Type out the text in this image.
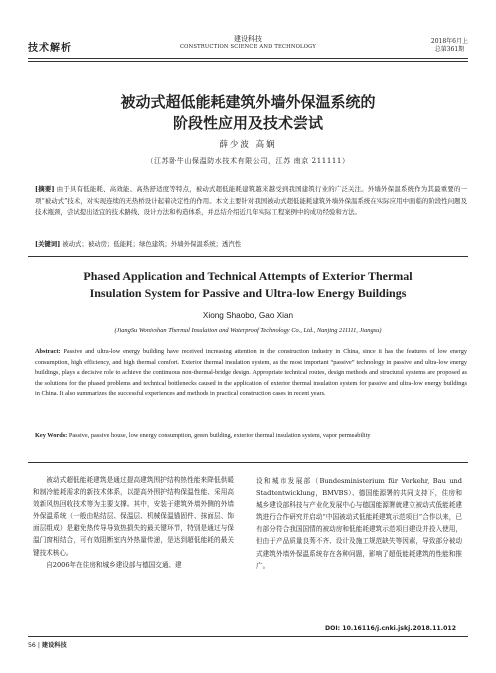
技术解析
建设科技
CONSTRUCTION SCIENCE AND TECHNOLOGY
2018年6月上
总第361期
被动式超低能耗建筑外墙外保温系统的
阶段性应用及技术尝试
薛少波 高娴
（江苏卧牛山保温防水技术有限公司，江苏 南京 211111）
[摘要] 由于具有低能耗、高效能、高热舒适度等特点，被动式超低能耗建筑越来越受到我国建筑行业的广泛关注。外墙外保温系统作为其最重要的一项“被动式”技术，对实现连续的无热桥设计起着决定性的作用。本文主要针对我国被动式超低能耗建筑外墙外保温系统在实际应用中面临的阶段性问题及技术瓶颈，尝试提出适宜的技术路线、设计方法和构造体系，并总结介绍近几年实际工程案例中的成功经验和方法。
[关键词] 被动式；被动房；低能耗；绿色建筑；外墙外保温系统；透汽性
Phased Application and Technical Attempts of Exterior Thermal
Insulation System for Passive and Ultra-low Energy Buildings
Xiong Shaobo, Gao Xian
(JiangSu Wonivshan Thermal Insulation and Waterproof Technology Co., Ltd., Nanjing 211111, Jiangsu)
Abstract: Passive and ultra-low energy building have received increasing attention in the construction industry in China, since it has the features of low energy consumption, high efficiency, and high thermal comfort. Exterior thermal insulation system, as the most important “passive” technology in passive and ultra-low energy buildings, plays a decisive role to achieve the continuous non-thermal-bridge design. Appropriate technical routes, design methods and structural systems are proposed as the solutions for the phased problems and technical bottlenecks caused in the application of exterior thermal insulation system for passive and ultra-low energy buildings in China. It also summarizes the successful experiences and methods in practical construction cases in recent years.
Key Words: Passive, passive house, low energy consumption, green building, exterior thermal insulation system, vapor permeability
被动式超低能耗建筑是通过提高建筑围护结构热性能来降低供暖和制冷能耗需求的新技术体系，以提高外围护结构保温性能、采用高效新风热回收技术等为主要支撑。其中，安装于建筑外墙外侧的外墙外保温系统（一般由粘结层、保温层、机械保温锚固件、抹面层、饰面层组成）是避免热传导导致热损失的最关键环节，特别是通过与保温门窗相结合，可有效阻断室内外热量传递，是达到超低能耗的最关键技术核心。
自2006年在住房和城乡建设部与德国交通、建
设和城市发展部（Bundesministerium für Verkehr, Bau und Stadtentwicklung，BMVBS）、德国能源署的共同支持下，住房和城乡建设部科技与产业化发展中心与德国能源署就建立被动式低能耗建筑进行合作研究并启动“中国被动式低能耗建筑示范项目”合作以来，已有部分符合我国国情的被动房和低能耗建筑示范项目建设并投入使用，但由于产品质量良莠不齐、设计及施工规范缺失等因素，导致部分被动式建筑外墙外保温系统存在各种问题，影响了超低能耗建筑的性能和推广。
DOI: 10.16116/j.cnki.jskj.2018.11.012
56 | 建设科技
